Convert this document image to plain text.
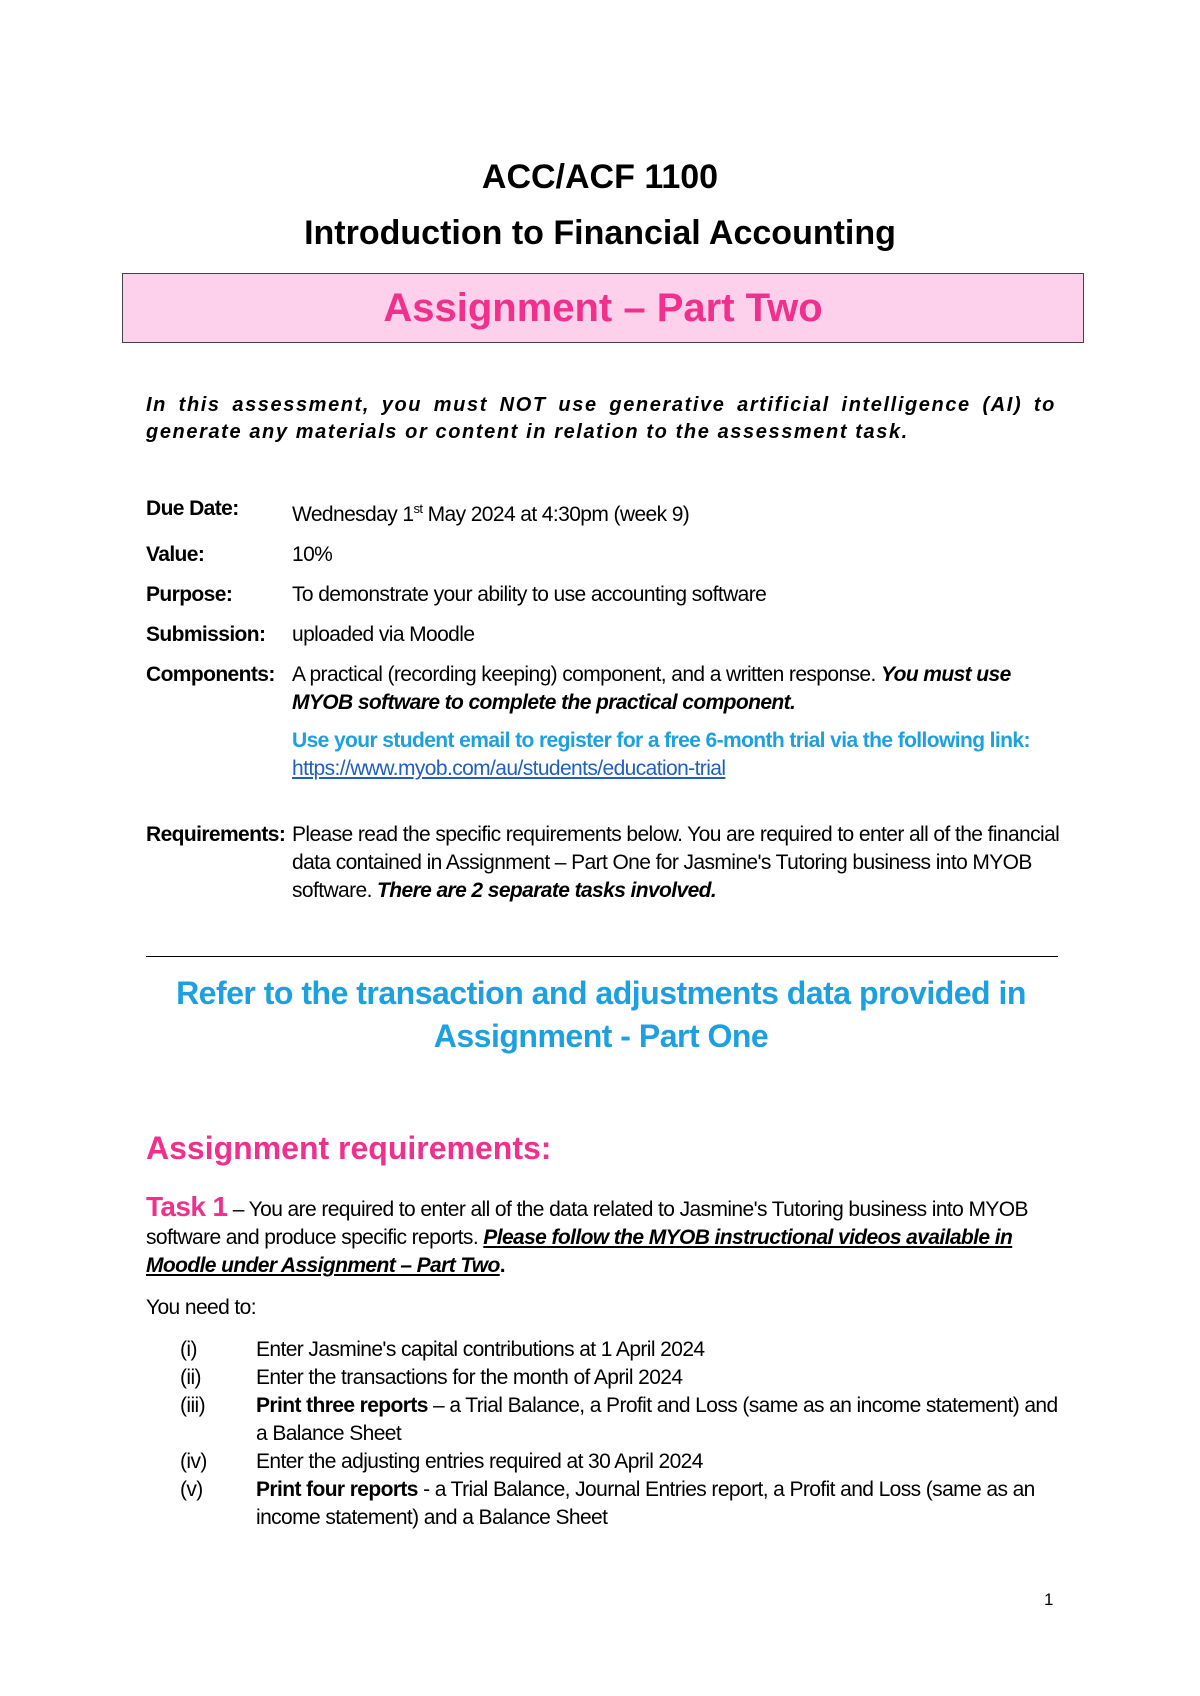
ACC/ACF 1100
Introduction to Financial Accounting
Assignment – Part Two
In this assessment, you must NOT use generative artificial intelligence (AI) to generate any materials or content in relation to the assessment task.
Due Date:	Wednesday 1st May 2024 at 4:30pm (week 9)
Value:	10%
Purpose:	To demonstrate your ability to use accounting software
Submission:	uploaded via Moodle
Components: A practical (recording keeping) component, and a written response. You must use MYOB software to complete the practical component.
Use your student email to register for a free 6-month trial via the following link:
https://www.myob.com/au/students/education-trial
Requirements: Please read the specific requirements below. You are required to enter all of the financial data contained in Assignment – Part One for Jasmine's Tutoring business into MYOB software. There are 2 separate tasks involved.
Refer to the transaction and adjustments data provided in
Assignment - Part One
Assignment requirements:
Task 1 – You are required to enter all of the data related to Jasmine's Tutoring business into MYOB software and produce specific reports. Please follow the MYOB instructional videos available in Moodle under Assignment – Part Two.
You need to:
(i)	Enter Jasmine's capital contributions at 1 April 2024
(ii)	Enter the transactions for the month of April 2024
(iii)	Print three reports – a Trial Balance, a Profit and Loss (same as an income statement) and a Balance Sheet
(iv)	Enter the adjusting entries required at 30 April 2024
(v)	Print four reports - a Trial Balance, Journal Entries report, a Profit and Loss (same as an income statement) and a Balance Sheet
1
